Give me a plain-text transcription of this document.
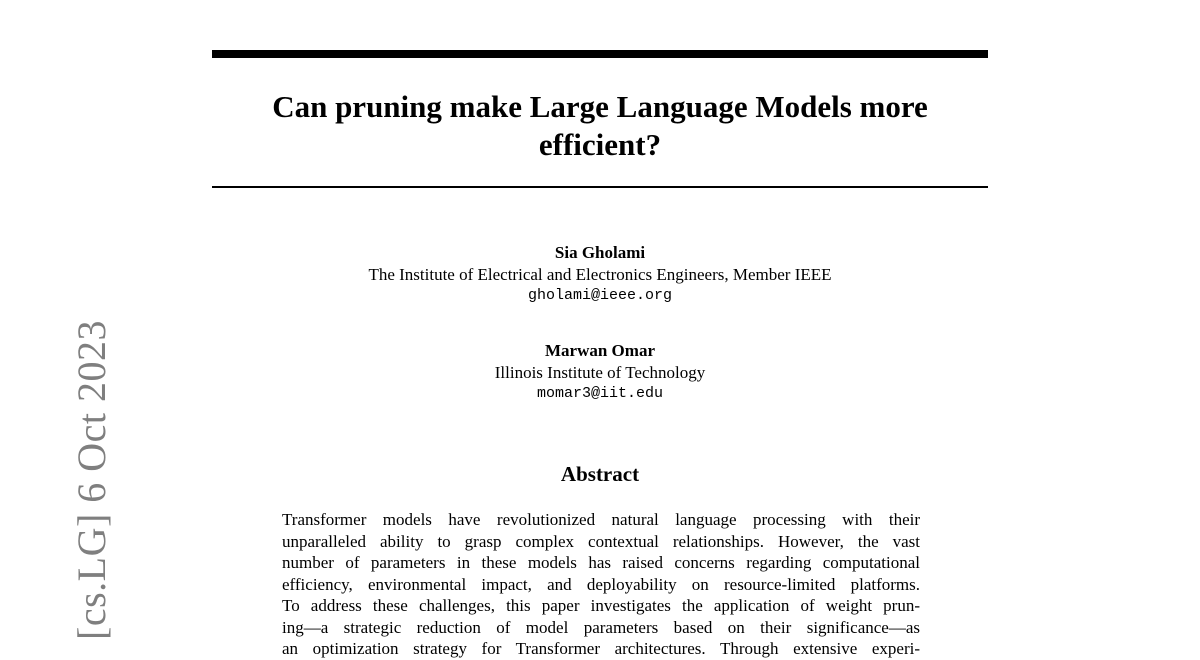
[cs.LG] 6 Oct 2023
Can pruning make Large Language Models more
efficient?
Sia Gholami
The Institute of Electrical and Electronics Engineers, Member IEEE
gholami@ieee.org
Marwan Omar
Illinois Institute of Technology
momar3@iit.edu
Abstract

Transformer models have revolutionized natural language processing with their
unparalleled ability to grasp complex contextual relationships. However, the vast
number of parameters in these models has raised concerns regarding computational
efficiency, environmental impact, and deployability on resource-limited platforms.
To address these challenges, this paper investigates the application of weight prun-
ing—a strategic reduction of model parameters based on their significance—as
an optimization strategy for Transformer architectures. Through extensive experi-
